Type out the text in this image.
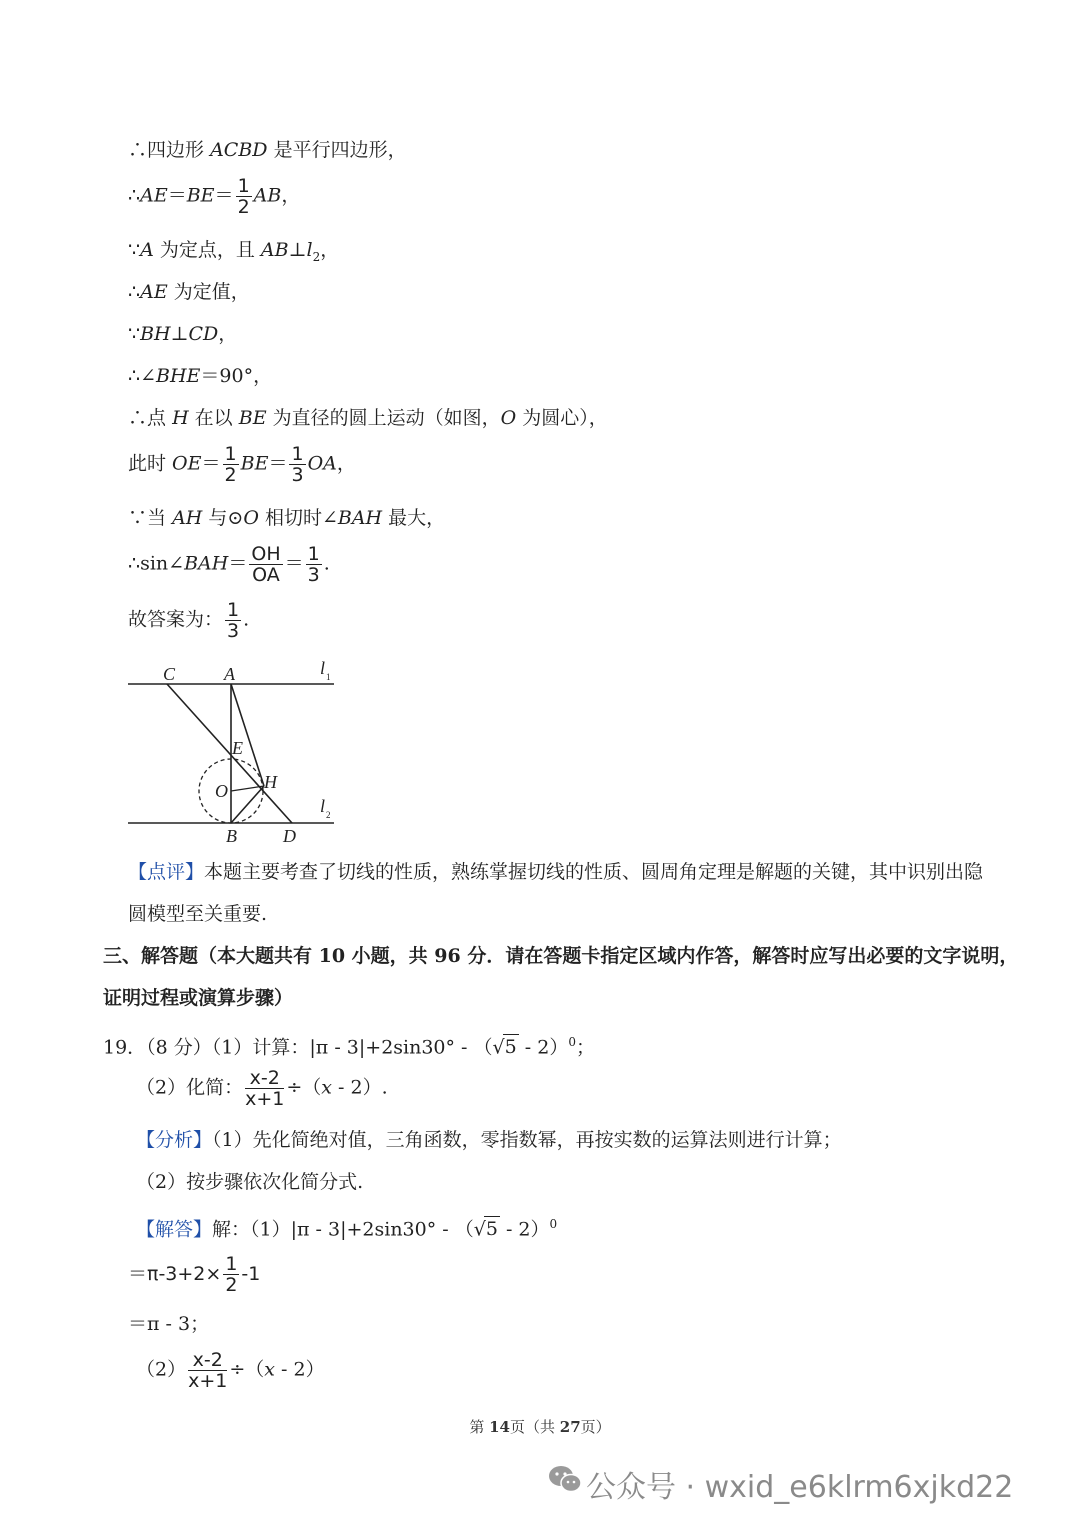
∴四边形 ACBD 是平行四边形，
∴AE＝BE＝ $\frac{1}{2}$ AB，
∵A 为定点，且 $AB\perp l_2$，
∴AE 为定值，
∵BH⊥CD，
∴∠BHE＝90°，
∴点 H 在以 BE 为直径的圆上运动（如图，O 为圆心），
此时 $OE= \frac{1}{2} BE= \frac{1}{3}$ OA，
∵当 AH 与⊙O 相切时∠BAH 最大，
∴sin∠BAH＝ $\frac{OH}{OA} = \frac{1}{3}$ .
故答案为： $\frac{1}{3}$ .
C	A	l 1
E
O H
l 2
B	D
【点评】本题主要考查了切线的性质，熟练掌握切线的性质、圆周角定理是解题的关键，其中识别出隐
圆模型至关重要.
三、解答题（本大题共有 10 小题，共 96 分．请在答题卡指定区域内作答，解答时应写出必要的文字说明，
证明过程或演算步骤）
19．（8 分）（1）计算：|π - 3|+2sin30° - （√5 - 2）$^0$；
（2）化简： $\frac{x-2}{x+1} \div(x - 2)$.
【分析】（1）先化简绝对值，三角函数，零指数幂，再按实数的运算法则进行计算；
（2）按步骤依次化简分式.
【解答】解：（1）|π - 3|+2sin30° - （√5 - 2）$^0$
$=\pi-3+2\times \frac{1}{2} -1$
＝π - 3；
$(2) \frac{x-2}{x+1} \div(x - 2)$
第 14页（共 27页）
公众号 · wxid_e6klrm6xjkd22
